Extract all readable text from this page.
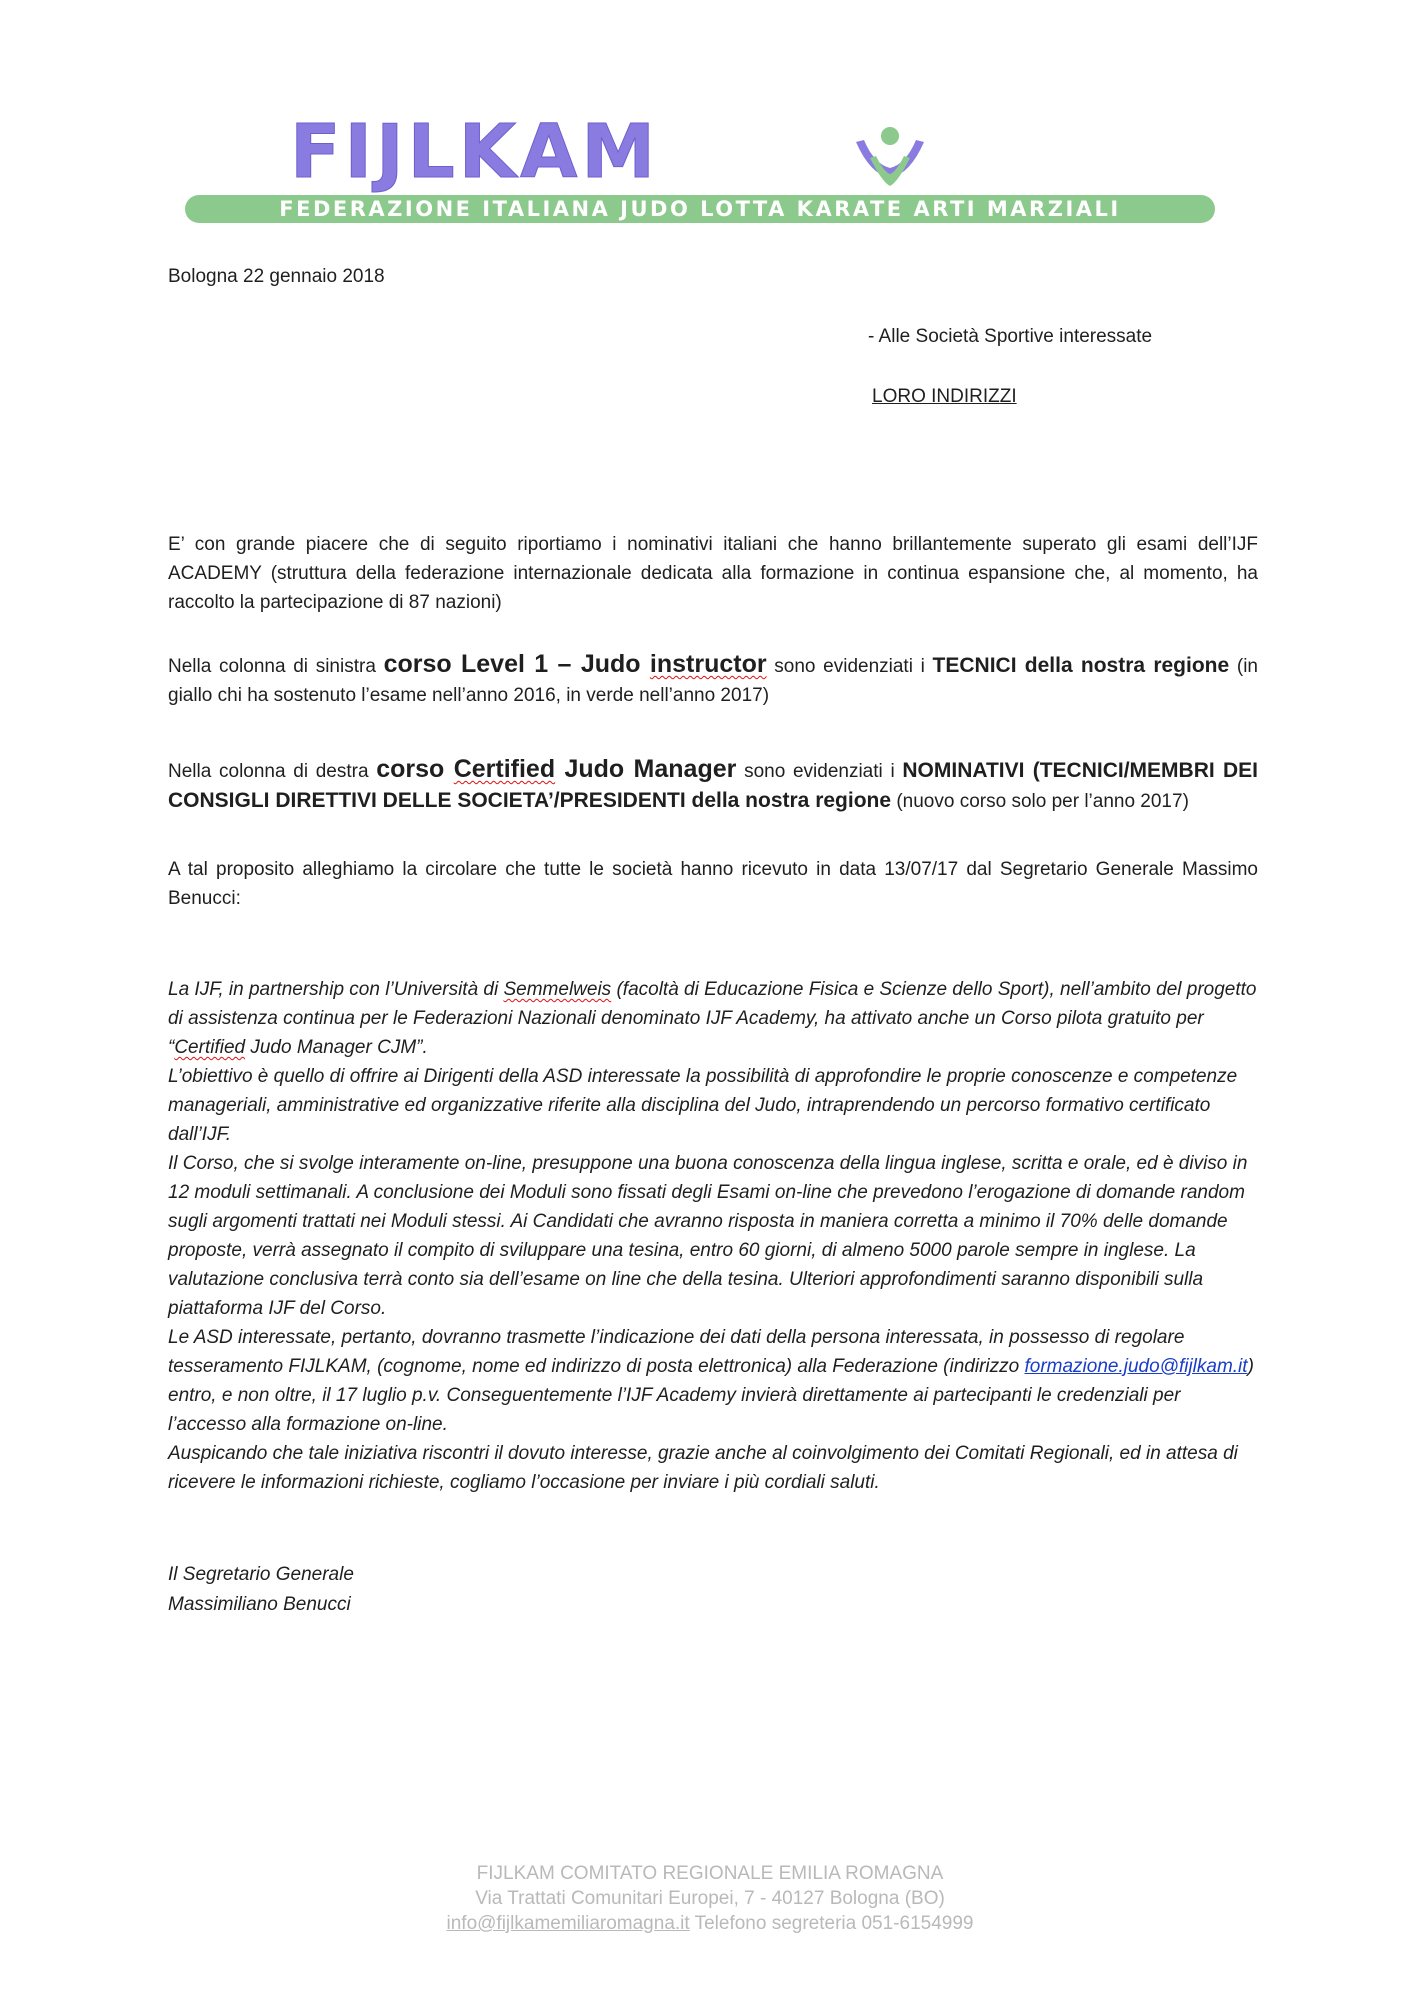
FIJLKAM
FEDERAZIONE ITALIANA JUDO LOTTA KARATE ARTI MARZIALI
Bologna 22 gennaio 2018
- Alle Società Sportive interessate
LORO INDIRIZZI

E’ con grande piacere che di seguito riportiamo i nominativi italiani che hanno brillantemente superato gli esami dell’IJF ACADEMY (struttura della federazione internazionale dedicata alla formazione in continua espansione che, al momento, ha raccolto la partecipazione di 87 nazioni)

Nella colonna di sinistra corso Level 1 – Judo instructor sono evidenziati i TECNICI della nostra regione (in giallo chi ha sostenuto l’esame nell’anno 2016, in verde nell’anno 2017)

Nella colonna di destra corso Certified Judo Manager sono evidenziati i NOMINATIVI (TECNICI/MEMBRI DEI CONSIGLI DIRETTIVI DELLE SOCIETA’/PRESIDENTI della nostra regione (nuovo corso solo per l’anno 2017)

A tal proposito alleghiamo la circolare che tutte le società hanno ricevuto in data 13/07/17 dal Segretario Generale Massimo Benucci:

La IJF, in partnership con l’Università di Semmelweis (facoltà di Educazione Fisica e Scienze dello Sport), nell’ambito del progetto di assistenza continua per le Federazioni Nazionali denominato IJF Academy, ha attivato anche un Corso pilota gratuito per “Certified Judo Manager CJM”.

L’obiettivo è quello di offrire ai Dirigenti della ASD interessate la possibilità di approfondire le proprie conoscenze e competenze manageriali, amministrative ed organizzative riferite alla disciplina del Judo, intraprendendo un percorso formativo certificato dall’IJF.

Il Corso, che si svolge interamente on-line, presuppone una buona conoscenza della lingua inglese, scritta e orale, ed è diviso in 12 moduli settimanali. A conclusione dei Moduli sono fissati degli Esami on-line che prevedono l’erogazione di domande random sugli argomenti trattati nei Moduli stessi. Ai Candidati che avranno risposta in maniera corretta a minimo il 70% delle domande proposte, verrà assegnato il compito di sviluppare una tesina, entro 60 giorni, di almeno 5000 parole sempre in inglese. La valutazione conclusiva terrà conto sia dell’esame on line che della tesina. Ulteriori approfondimenti saranno disponibili sulla piattaforma IJF del Corso.

Le ASD interessate, pertanto, dovranno trasmette l’indicazione dei dati della persona interessata, in possesso di regolare tesseramento FIJLKAM, (cognome, nome ed indirizzo di posta elettronica) alla Federazione (indirizzo formazione.judo@fijlkam.it) entro, e non oltre, il 17 luglio p.v. Conseguentemente l’IJF Academy invierà direttamente ai partecipanti le credenziali per l’accesso alla formazione on-line.

Auspicando che tale iniziativa riscontri il dovuto interesse, grazie anche al coinvolgimento dei Comitati Regionali, ed in attesa di ricevere le informazioni richieste, cogliamo l’occasione per inviare i più cordiali saluti.

Il Segretario Generale
Massimiliano Benucci
FIJLKAM COMITATO REGIONALE EMILIA ROMAGNA
Via Trattati Comunitari Europei, 7 - 40127 Bologna (BO)
info@fijlkamemiliaromagna.it Telefono segreteria 051-6154999
